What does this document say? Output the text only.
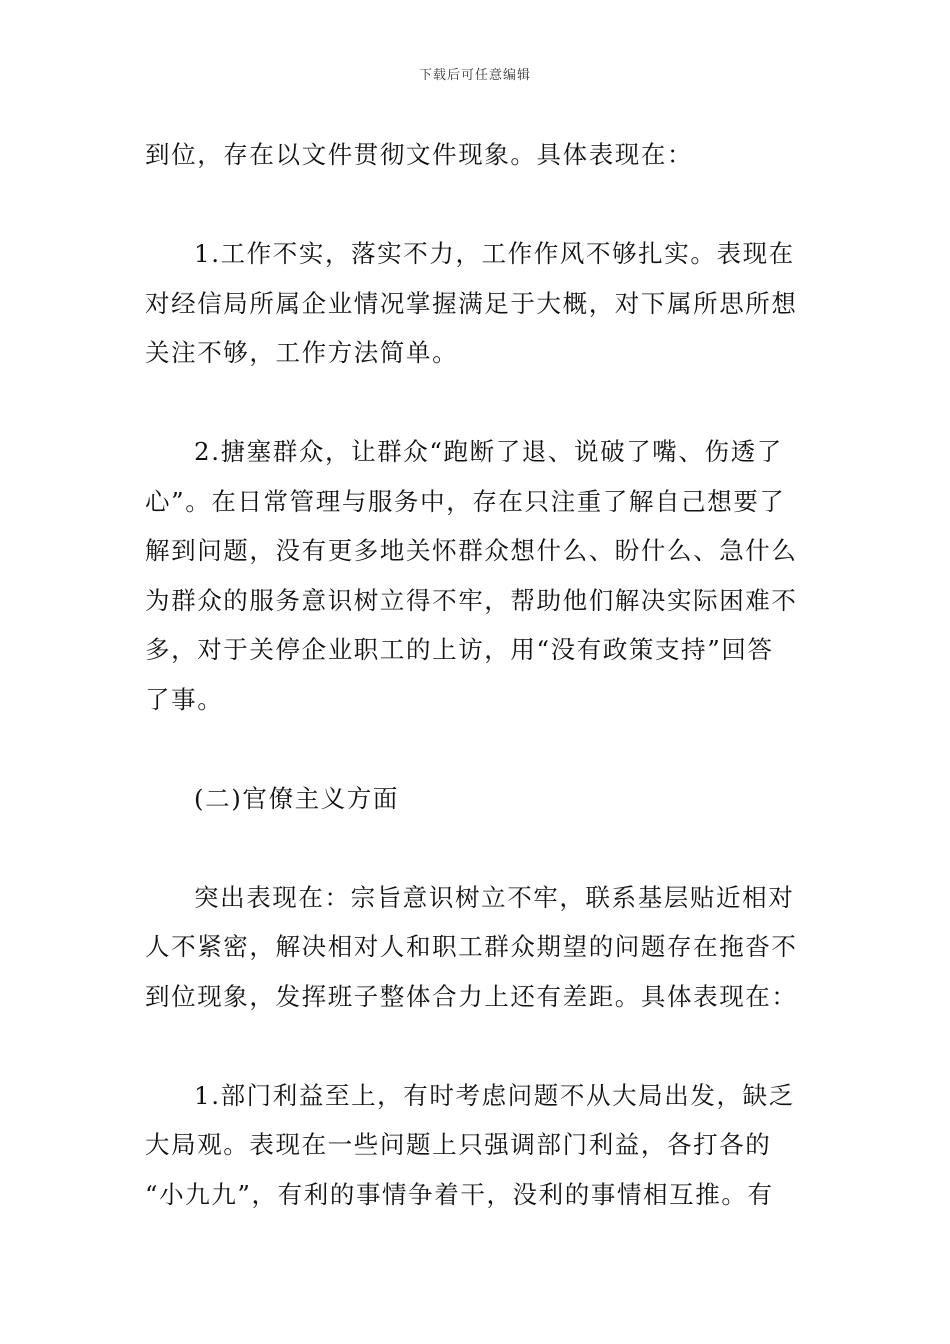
下载后可任意编辑

到位，存在以文件贯彻文件现象。具体表现在：

1.工作不实，落实不力，工作作风不够扎实。表现在
对经信局所属企业情况掌握满足于大概，对下属所思所想
关注不够，工作方法简单。

2.搪塞群众，让群众“跑断了退、说破了嘴、伤透了
心”。在日常管理与服务中，存在只注重了解自己想要了
解到问题，没有更多地关怀群众想什么、盼什么、急什么
为群众的服务意识树立得不牢，帮助他们解决实际困难不
多，对于关停企业职工的上访，用“没有政策支持”回答
了事。

(二)官僚主义方面

突出表现在：宗旨意识树立不牢，联系基层贴近相对
人不紧密，解决相对人和职工群众期望的问题存在拖沓不
到位现象，发挥班子整体合力上还有差距。具体表现在：

1.部门利益至上，有时考虑问题不从大局出发，缺乏
大局观。表现在一些问题上只强调部门利益，各打各的
“小九九”，有利的事情争着干，没利的事情相互推。有
